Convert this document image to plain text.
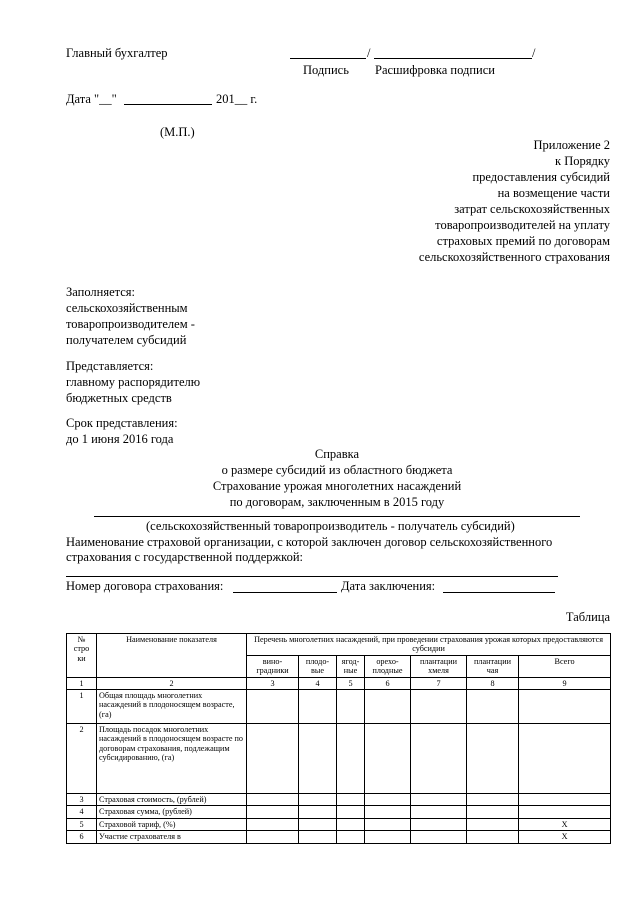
Главный бухгалтер	/	/
Подпись Расшифровка подписи
Дата "__"	201__ г.
(М.П.)
Приложение 2
к Порядку
предоставления субсидий
на возмещение части
затрат сельскохозяйственных
товаропроизводителей на уплату
страховых премий по договорам
сельскохозяйственного страхования
Заполняется:
сельскохозяйственным
товаропроизводителем -
получателем субсидий
Представляется:
главному распорядителю
бюджетных средств
Срок представления:
до 1 июня 2016 года
Справка
о размере субсидий из областного бюджета
Страхование урожая многолетних насаждений
по договорам, заключенным в 2015 году
(сельскохозяйственный товаропроизводитель - получатель субсидий)
Наименование страховой организации, с которой заключен договор сельскохозяйственного
страхования с государственной поддержкой:
Номер договора страхования:	Дата заключения:
Таблица
№ стро ки	Наименование показателя	Перечень многолетних насаждений, при проведении страхования урожая которых предоставляются субсидии						
		вино-градники	плодо-вые	ягод-ные	орехо-плодные	плантации хмеля	плантации чая	Всего
1	2	3	4	5	6	7	8	9
1	Общая площадь многолетних насаждений в плодоносящем возрасте, (га)							
2	Площадь посадок многолетних насаждений в плодоносящем возрасте по договорам страхования, подлежащим субсидированию, (га)							
3	Страховая стоимость, (рублей)							
4	Страховая сумма, (рублей)							
5	Страховой тариф, (%)							Х
6	Участие страхователя в							Х
